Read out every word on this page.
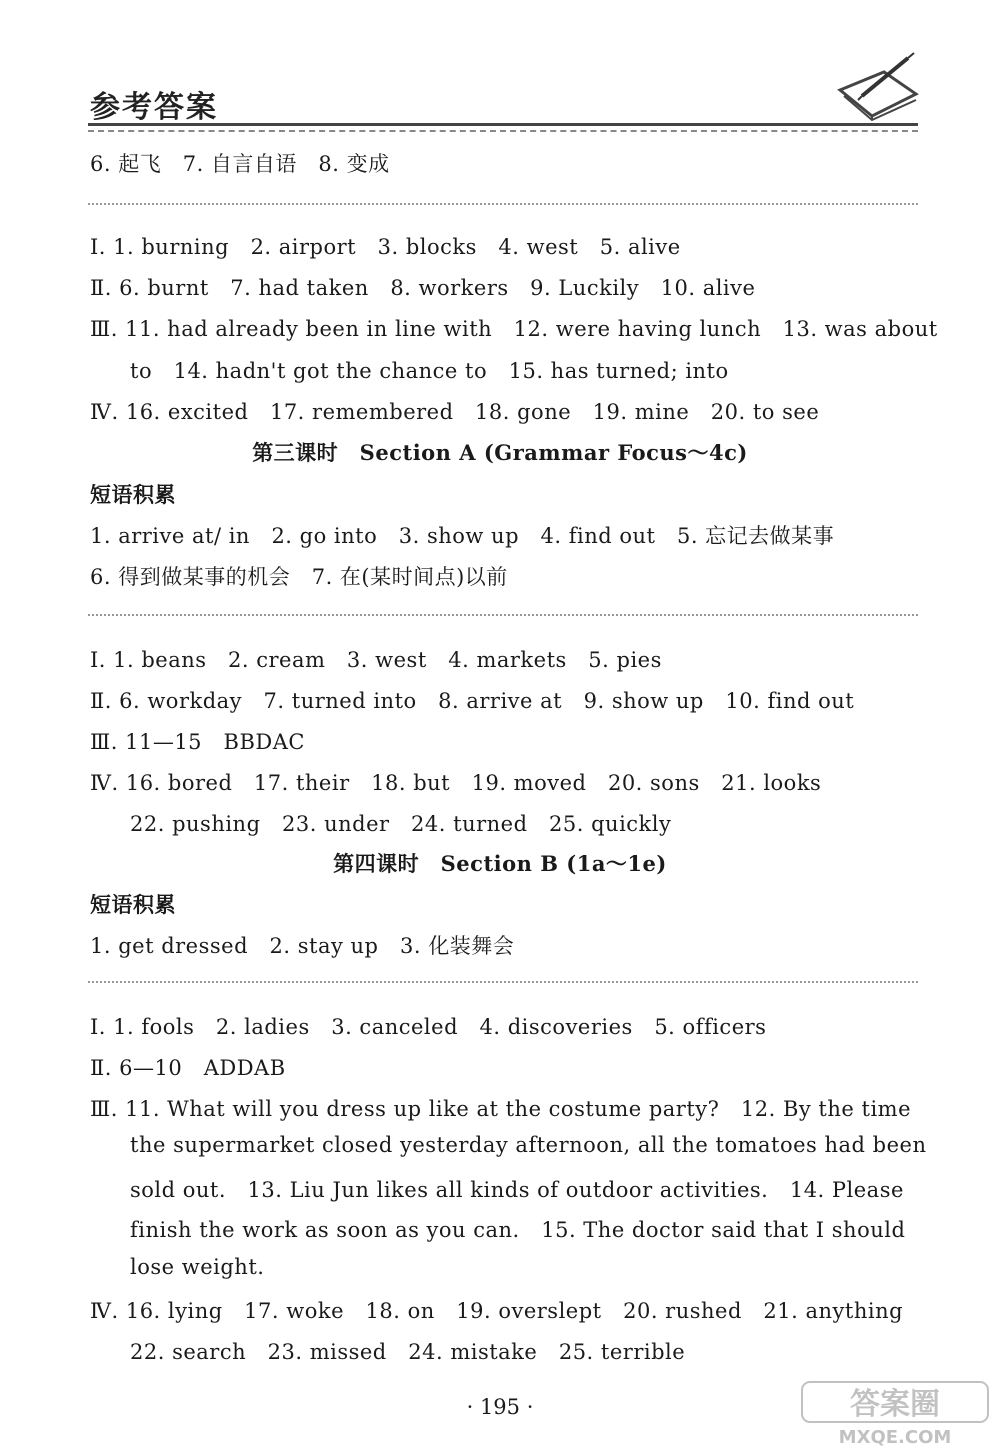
参考答案
6. 起飞　7. 自言自语　8. 变成
Ⅰ. 1. burning　2. airport　3. blocks　4. west　5. alive
Ⅱ. 6. burnt　7. had taken　8. workers　9. Luckily　10. alive
Ⅲ. 11. had already been in line with　12. were having lunch　13. was about
to　14. hadn't got the chance to　15. has turned; into
Ⅳ. 16. excited　17. remembered　18. gone　19. mine　20. to see
第三课时　Section A (Grammar Focus～4c)
短语积累
1. arrive at/ in　2. go into　3. show up　4. find out　5. 忘记去做某事
6. 得到做某事的机会　7. 在(某时间点)以前
Ⅰ. 1. beans　2. cream　3. west　4. markets　5. pies
Ⅱ. 6. workday　7. turned into　8. arrive at　9. show up　10. find out
Ⅲ. 11—15　BBDAC
Ⅳ. 16. bored　17. their　18. but　19. moved　20. sons　21. looks
22. pushing　23. under　24. turned　25. quickly
第四课时　Section B (1a～1e)
短语积累
1. get dressed　2. stay up　3. 化装舞会
Ⅰ. 1. fools　2. ladies　3. canceled　4. discoveries　5. officers
Ⅱ. 6—10　ADDAB
Ⅲ. 11. What will you dress up like at the costume party?　12. By the time
the supermarket closed yesterday afternoon, all the tomatoes had been
sold out.　13. Liu Jun likes all kinds of outdoor activities.　14. Please
finish the work as soon as you can.　15. The doctor said that I should
lose weight.
Ⅳ. 16. lying　17. woke　18. on　19. overslept　20. rushed　21. anything
22. search　23. missed　24. mistake　25. terrible
· 195 ·	答案圈
MXQE.COM
